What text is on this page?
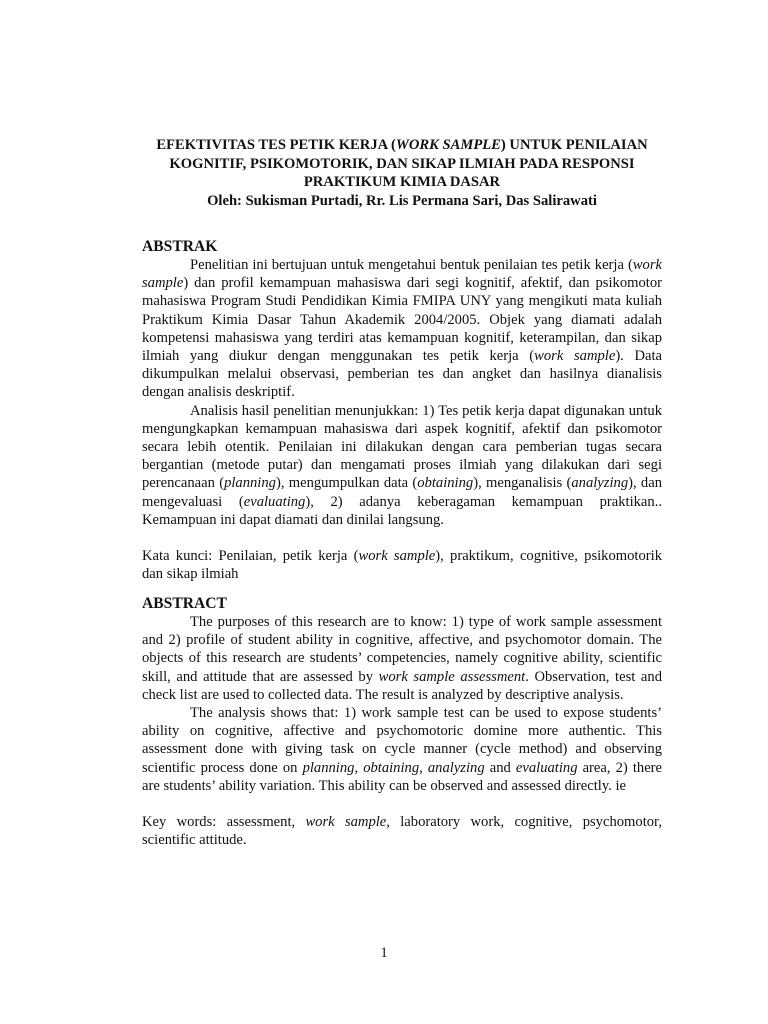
EFEKTIVITAS TES PETIK KERJA (WORK SAMPLE) UNTUK PENILAIAN
KOGNITIF, PSIKOMOTORIK, DAN SIKAP ILMIAH PADA RESPONSI
PRAKTIKUM KIMIA DASAR
Oleh: Sukisman Purtadi, Rr. Lis Permana Sari, Das Salirawati

ABSTRAK

Penelitian ini bertujuan untuk mengetahui bentuk penilaian tes petik kerja (work sample) dan profil kemampuan mahasiswa dari segi kognitif, afektif, dan psikomotor mahasiswa Program Studi Pendidikan Kimia FMIPA UNY yang mengikuti mata kuliah Praktikum Kimia Dasar Tahun Akademik 2004/2005. Objek yang diamati adalah kompetensi mahasiswa yang terdiri atas kemampuan kognitif, keterampilan, dan sikap ilmiah yang diukur dengan menggunakan tes petik kerja (work sample). Data dikumpulkan melalui observasi, pemberian tes dan angket dan hasilnya dianalisis dengan analisis deskriptif.

Analisis hasil penelitian menunjukkan: 1) Tes petik kerja dapat digunakan untuk mengungkapkan kemampuan mahasiswa dari aspek kognitif, afektif dan psikomotor secara lebih otentik. Penilaian ini dilakukan dengan cara pemberian tugas secara bergantian (metode putar) dan mengamati proses ilmiah yang dilakukan dari segi perencanaan (planning), mengumpulkan data (obtaining), menganalisis (analyzing), dan mengevaluasi (evaluating), 2) adanya keberagaman kemampuan praktikan.. Kemampuan ini dapat diamati dan dinilai langsung.

Kata kunci: Penilaian, petik kerja (work sample), praktikum, cognitive, psikomotorik dan sikap ilmiah

ABSTRACT

The purposes of this research are to know: 1) type of work sample assessment and 2) profile of student ability in cognitive, affective, and psychomotor domain. The objects of this research are students’ competencies, namely cognitive ability, scientific skill, and attitude that are assessed by work sample assessment. Observation, test and check list are used to collected data. The result is analyzed by descriptive analysis.

The analysis shows that: 1) work sample test can be used to expose students’ ability on cognitive, affective and psychomotoric domine more authentic. This assessment done with giving task on cycle manner (cycle method) and observing scientific process done on planning, obtaining, analyzing and evaluating area, 2) there are students’ ability variation. This ability can be observed and assessed directly. ie

Key words: assessment, work sample, laboratory work, cognitive, psychomotor, scientific attitude.

1
